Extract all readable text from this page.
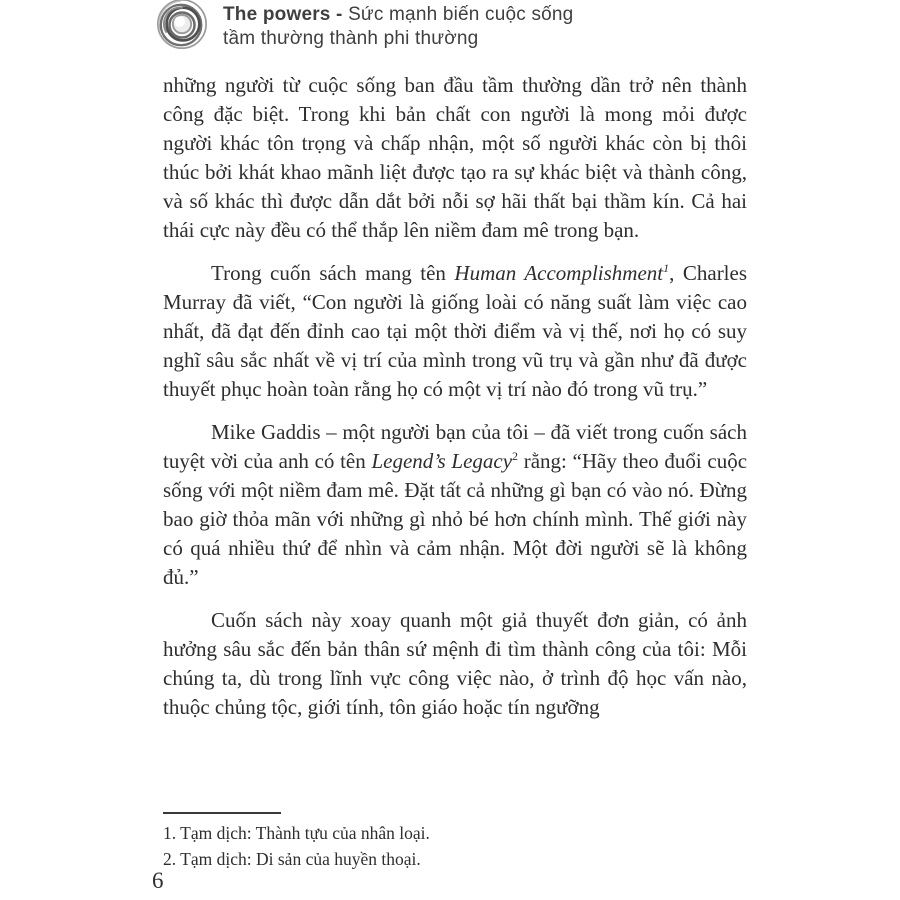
The powers - Sức mạnh biến cuộc sống
tầm thường thành phi thường

những người từ cuộc sống ban đầu tầm thường dần trở nên thành công đặc biệt. Trong khi bản chất con người là mong mỏi được người khác tôn trọng và chấp nhận, một số người khác còn bị thôi thúc bởi khát khao mãnh liệt được tạo ra sự khác biệt và thành công, và số khác thì được dẫn dắt bởi nỗi sợ hãi thất bại thầm kín. Cả hai thái cực này đều có thể thắp lên niềm đam mê trong bạn.

Trong cuốn sách mang tên Human Accomplishment$^1$, Charles Murray đã viết, “Con người là giống loài có năng suất làm việc cao nhất, đã đạt đến đỉnh cao tại một thời điểm và vị thế, nơi họ có suy nghĩ sâu sắc nhất về vị trí của mình trong vũ trụ và gần như đã được thuyết phục hoàn toàn rằng họ có một vị trí nào đó trong vũ trụ.”

Mike Gaddis – một người bạn của tôi – đã viết trong cuốn sách tuyệt vời của anh có tên Legend’s Legacy$^2$ rằng: “Hãy theo đuổi cuộc sống với một niềm đam mê. Đặt tất cả những gì bạn có vào nó. Đừng bao giờ thỏa mãn với những gì nhỏ bé hơn chính mình. Thế giới này có quá nhiều thứ để nhìn và cảm nhận. Một đời người sẽ là không đủ.”

Cuốn sách này xoay quanh một giả thuyết đơn giản, có ảnh hưởng sâu sắc đến bản thân sứ mệnh đi tìm thành công của tôi: Mỗi chúng ta, dù trong lĩnh vực công việc nào, ở trình độ học vấn nào, thuộc chủng tộc, giới tính, tôn giáo hoặc tín ngưỡng

1. Tạm dịch: Thành tựu của nhân loại.
2. Tạm dịch: Di sản của huyền thoại.
6
